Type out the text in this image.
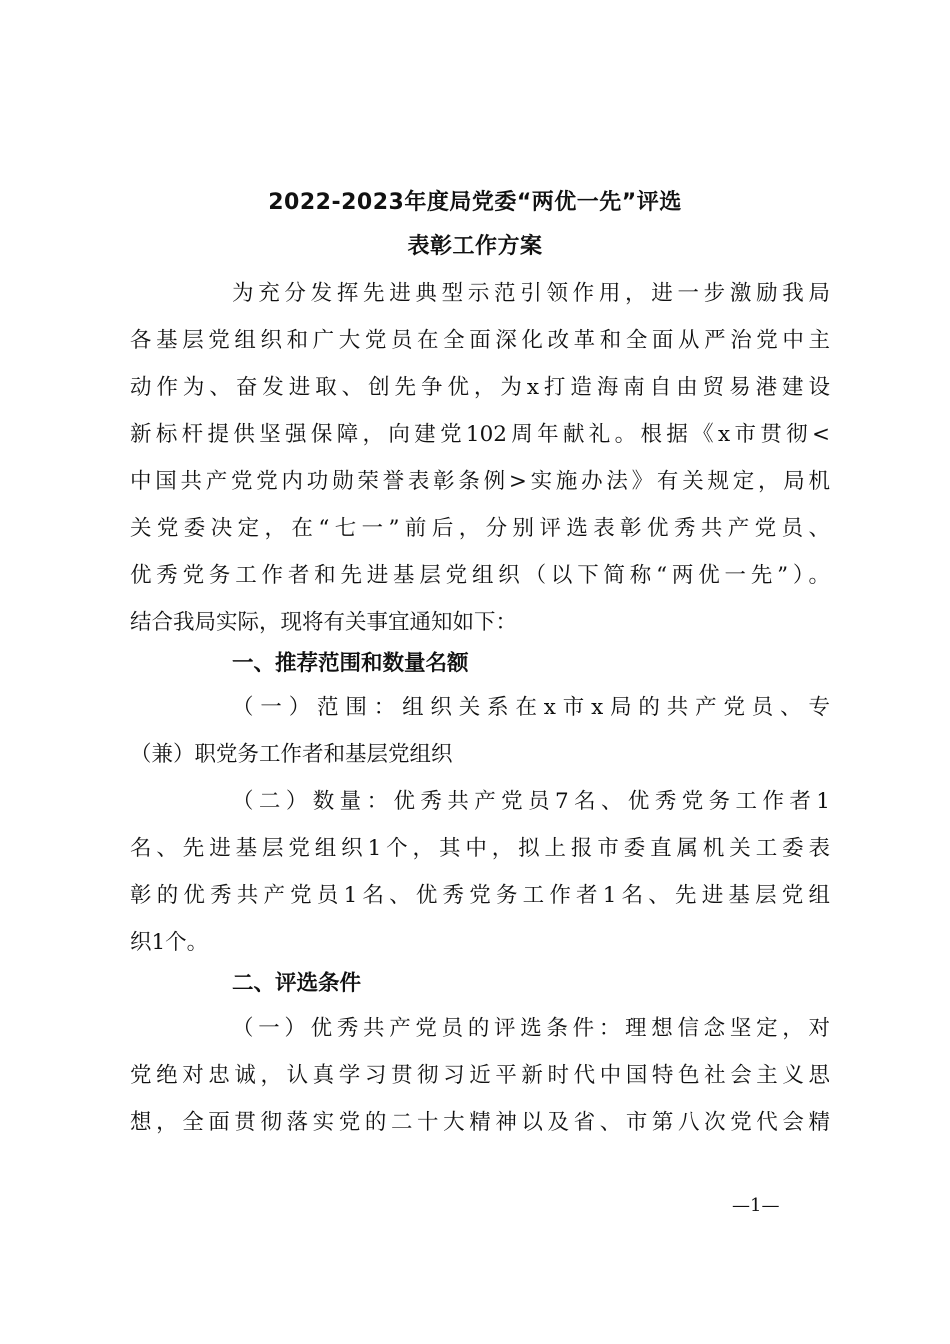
2022-2023年度局党委“两优一先”评选
表彰工作方案
为充分发挥先进典型示范引领作用，进一步激励我局
各基层党组织和广大党员在全面深化改革和全面从严治党中主
动作为、奋发进取、创先争优，为x打造海南自由贸易港建设
新标杆提供坚强保障，向建党102周年献礼。根据《x市贯彻<
中国共产党党内功勋荣誉表彰条例>实施办法》有关规定，局机
关党委决定，在“七一”前后，分别评选表彰优秀共产党员、
优秀党务工作者和先进基层党组织（以下简称“两优一先”）。
结合我局实际，现将有关事宜通知如下：
一、推荐范围和数量名额
（一）范围：组织关系在x市x局的共产党员、专
（兼）职党务工作者和基层党组织
（二）数量：优秀共产党员7名、优秀党务工作者1
名、先进基层党组织1个，其中，拟上报市委直属机关工委表
彰的优秀共产党员1名、优秀党务工作者1名、先进基层党组
织1个。
二、评选条件
（一）优秀共产党员的评选条件：理想信念坚定，对
党绝对忠诚，认真学习贯彻习近平新时代中国特色社会主义思
想，全面贯彻落实党的二十大精神以及省、市第八次党代会精
—1—
